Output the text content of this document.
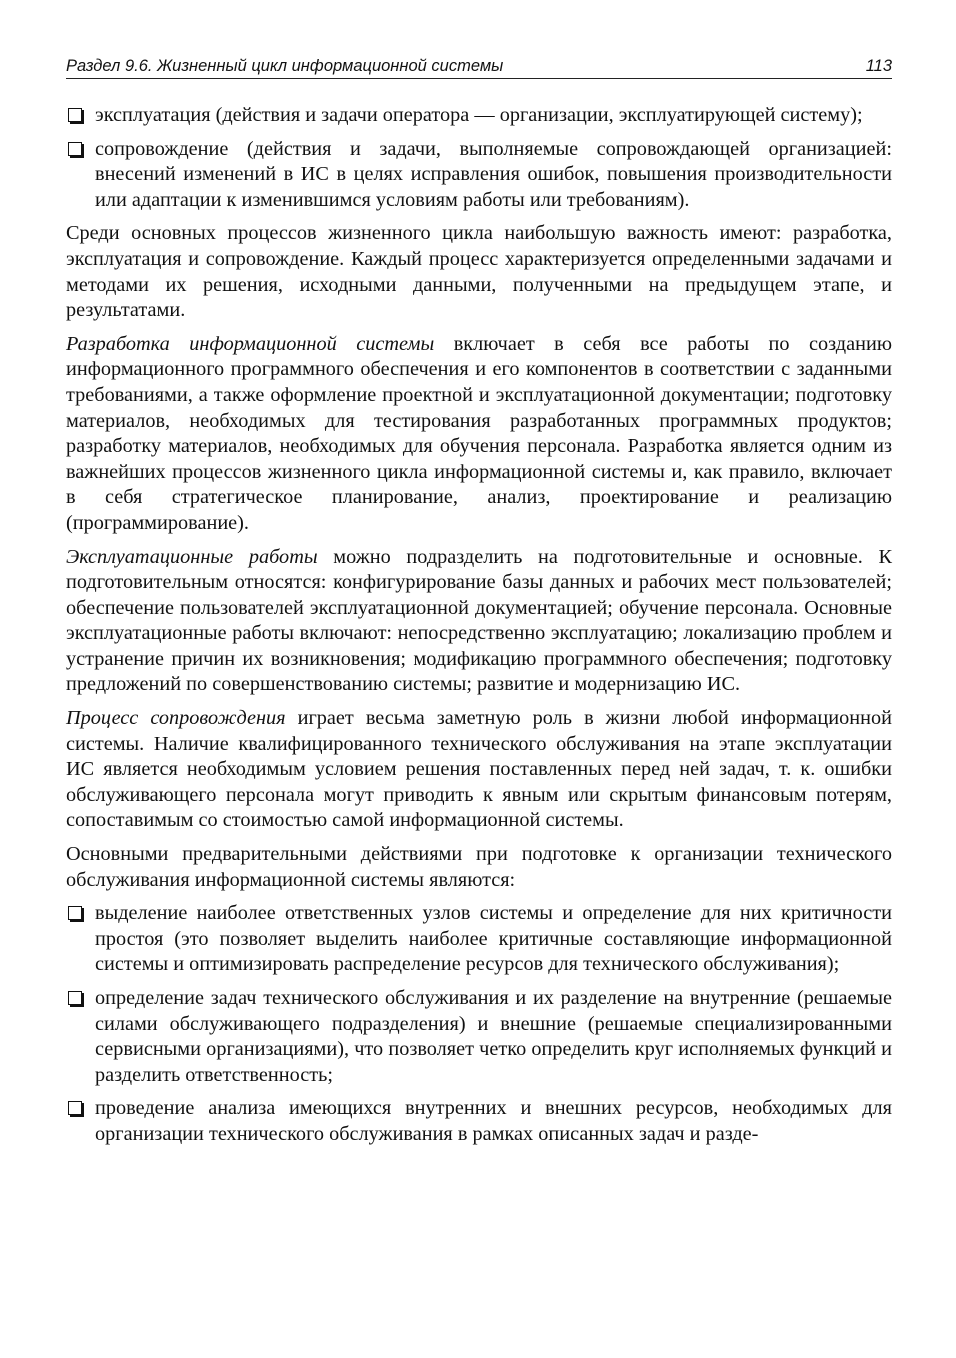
Раздел 9.6. Жизненный цикл информационной системы	113
эксплуатация (действия и задачи оператора — организации, эксплуатирующей систему);
сопровождение (действия и задачи, выполняемые сопровождающей организацией: внесений изменений в ИС в целях исправления ошибок, повышения производительности или адаптации к изменившимся условиям работы или требованиям).

Среди основных процессов жизненного цикла наибольшую важность имеют: разработка, эксплуатация и сопровождение. Каждый процесс характеризуется определенными задачами и методами их решения, исходными данными, полученными на предыдущем этапе, и результатами.

Разработка информационной системы включает в себя все работы по созданию информационного программного обеспечения и его компонентов в соответствии с заданными требованиями, а также оформление проектной и эксплуатационной документации; подготовку материалов, необходимых для тестирования разработанных программных продуктов; разработку материалов, необходимых для обучения персонала. Разработка является одним из важнейших процессов жизненного цикла информационной системы и, как правило, включает в себя стратегическое планирование, анализ, проектирование и реализацию (программирование).

Эксплуатационные работы можно подразделить на подготовительные и основные. К подготовительным относятся: конфигурирование базы данных и рабочих мест пользователей; обеспечение пользователей эксплуатационной документацией; обучение персонала. Основные эксплуатационные работы включают: непосредственно эксплуатацию; локализацию проблем и устранение причин их возникновения; модификацию программного обеспечения; подготовку предложений по совершенствованию системы; развитие и модернизацию ИС.

Процесс сопровождения играет весьма заметную роль в жизни любой информационной системы. Наличие квалифицированного технического обслуживания на этапе эксплуатации ИС является необходимым условием решения поставленных перед ней задач, т. к. ошибки обслуживающего персонала могут приводить к явным или скрытым финансовым потерям, сопоставимым со стоимостью самой информационной системы.

Основными предварительными действиями при подготовке к организации технического обслуживания информационной системы являются:

выделение наиболее ответственных узлов системы и определение для них критичности простоя (это позволяет выделить наиболее критичные составляющие информационной системы и оптимизировать распределение ресурсов для технического обслуживания);
определение задач технического обслуживания и их разделение на внутренние (решаемые силами обслуживающего подразделения) и внешние (решаемые специализированными сервисными организациями), что позволяет четко определить круг исполняемых функций и разделить ответственность;
проведение анализа имеющихся внутренних и внешних ресурсов, необходимых для организации технического обслуживания в рамках описанных задач и разде-
